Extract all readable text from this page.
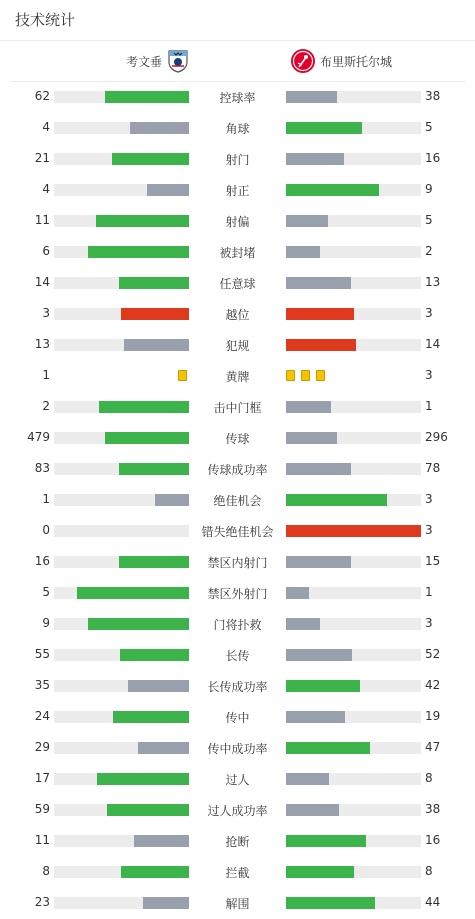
技术统计
考文垂	布里斯托尔城
62	控球率	38
4	角球	5
21	射门	16
4	射正	9
11	射偏	5
6	被封堵	2
14	任意球	13
3	越位	3
13	犯规	14
1	黄牌	3
2	击中门框	1
479	传球	296
83	传球成功率	78
1	绝佳机会	3
0	错失绝佳机会	3
16	禁区内射门	15
5	禁区外射门	1
9	门将扑救	3
55	长传	52
35	长传成功率	42
24	传中	19
29	传中成功率	47
17	过人	8
59	过人成功率	38
11	抢断	16
8	拦截	8
23	解围	44
